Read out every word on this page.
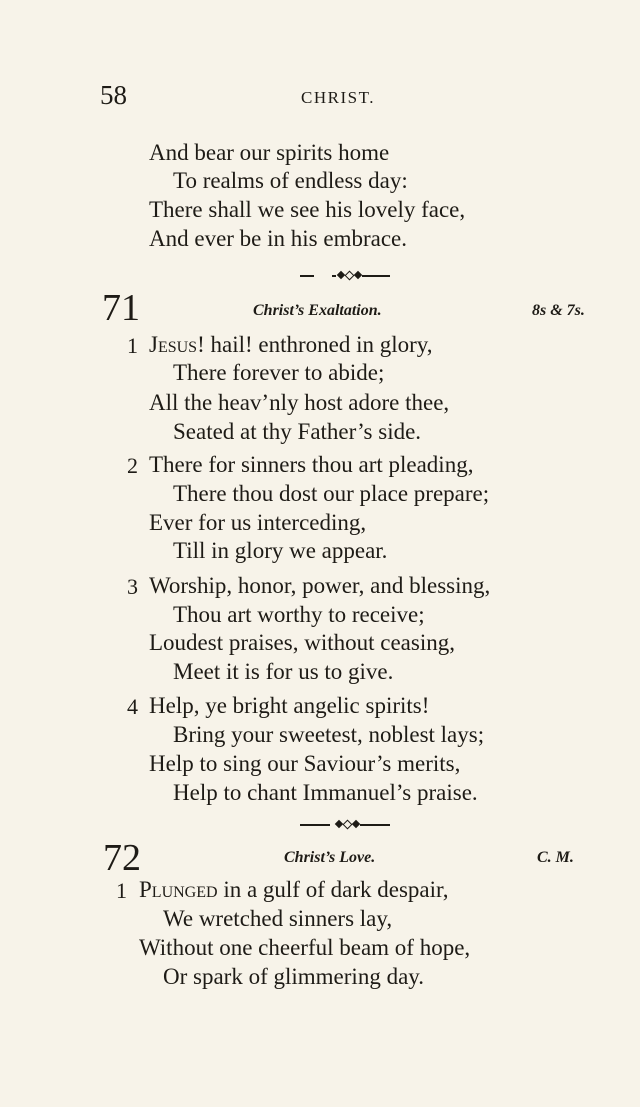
58	CHRIST.
And bear our spirits home
To realms of endless day:
There shall we see his lovely face,
And ever be in his embrace.
71	Christ’s Exaltation.	8s & 7s.
1 Jesus! hail! enthroned in glory,
There forever to abide;
All the heav’nly host adore thee,
Seated at thy Father’s side.
2 There for sinners thou art pleading,
There thou dost our place prepare;
Ever for us interceding,
Till in glory we appear.
3 Worship, honor, power, and blessing,
Thou art worthy to receive;
Loudest praises, without ceasing,
Meet it is for us to give.
4 Help, ye bright angelic spirits!
Bring your sweetest, noblest lays;
Help to sing our Saviour’s merits,
Help to chant Immanuel’s praise.
72	Christ’s Love.	C. M.
1 Plunged in a gulf of dark despair,
We wretched sinners lay,
Without one cheerful beam of hope,
Or spark of glimmering day.
